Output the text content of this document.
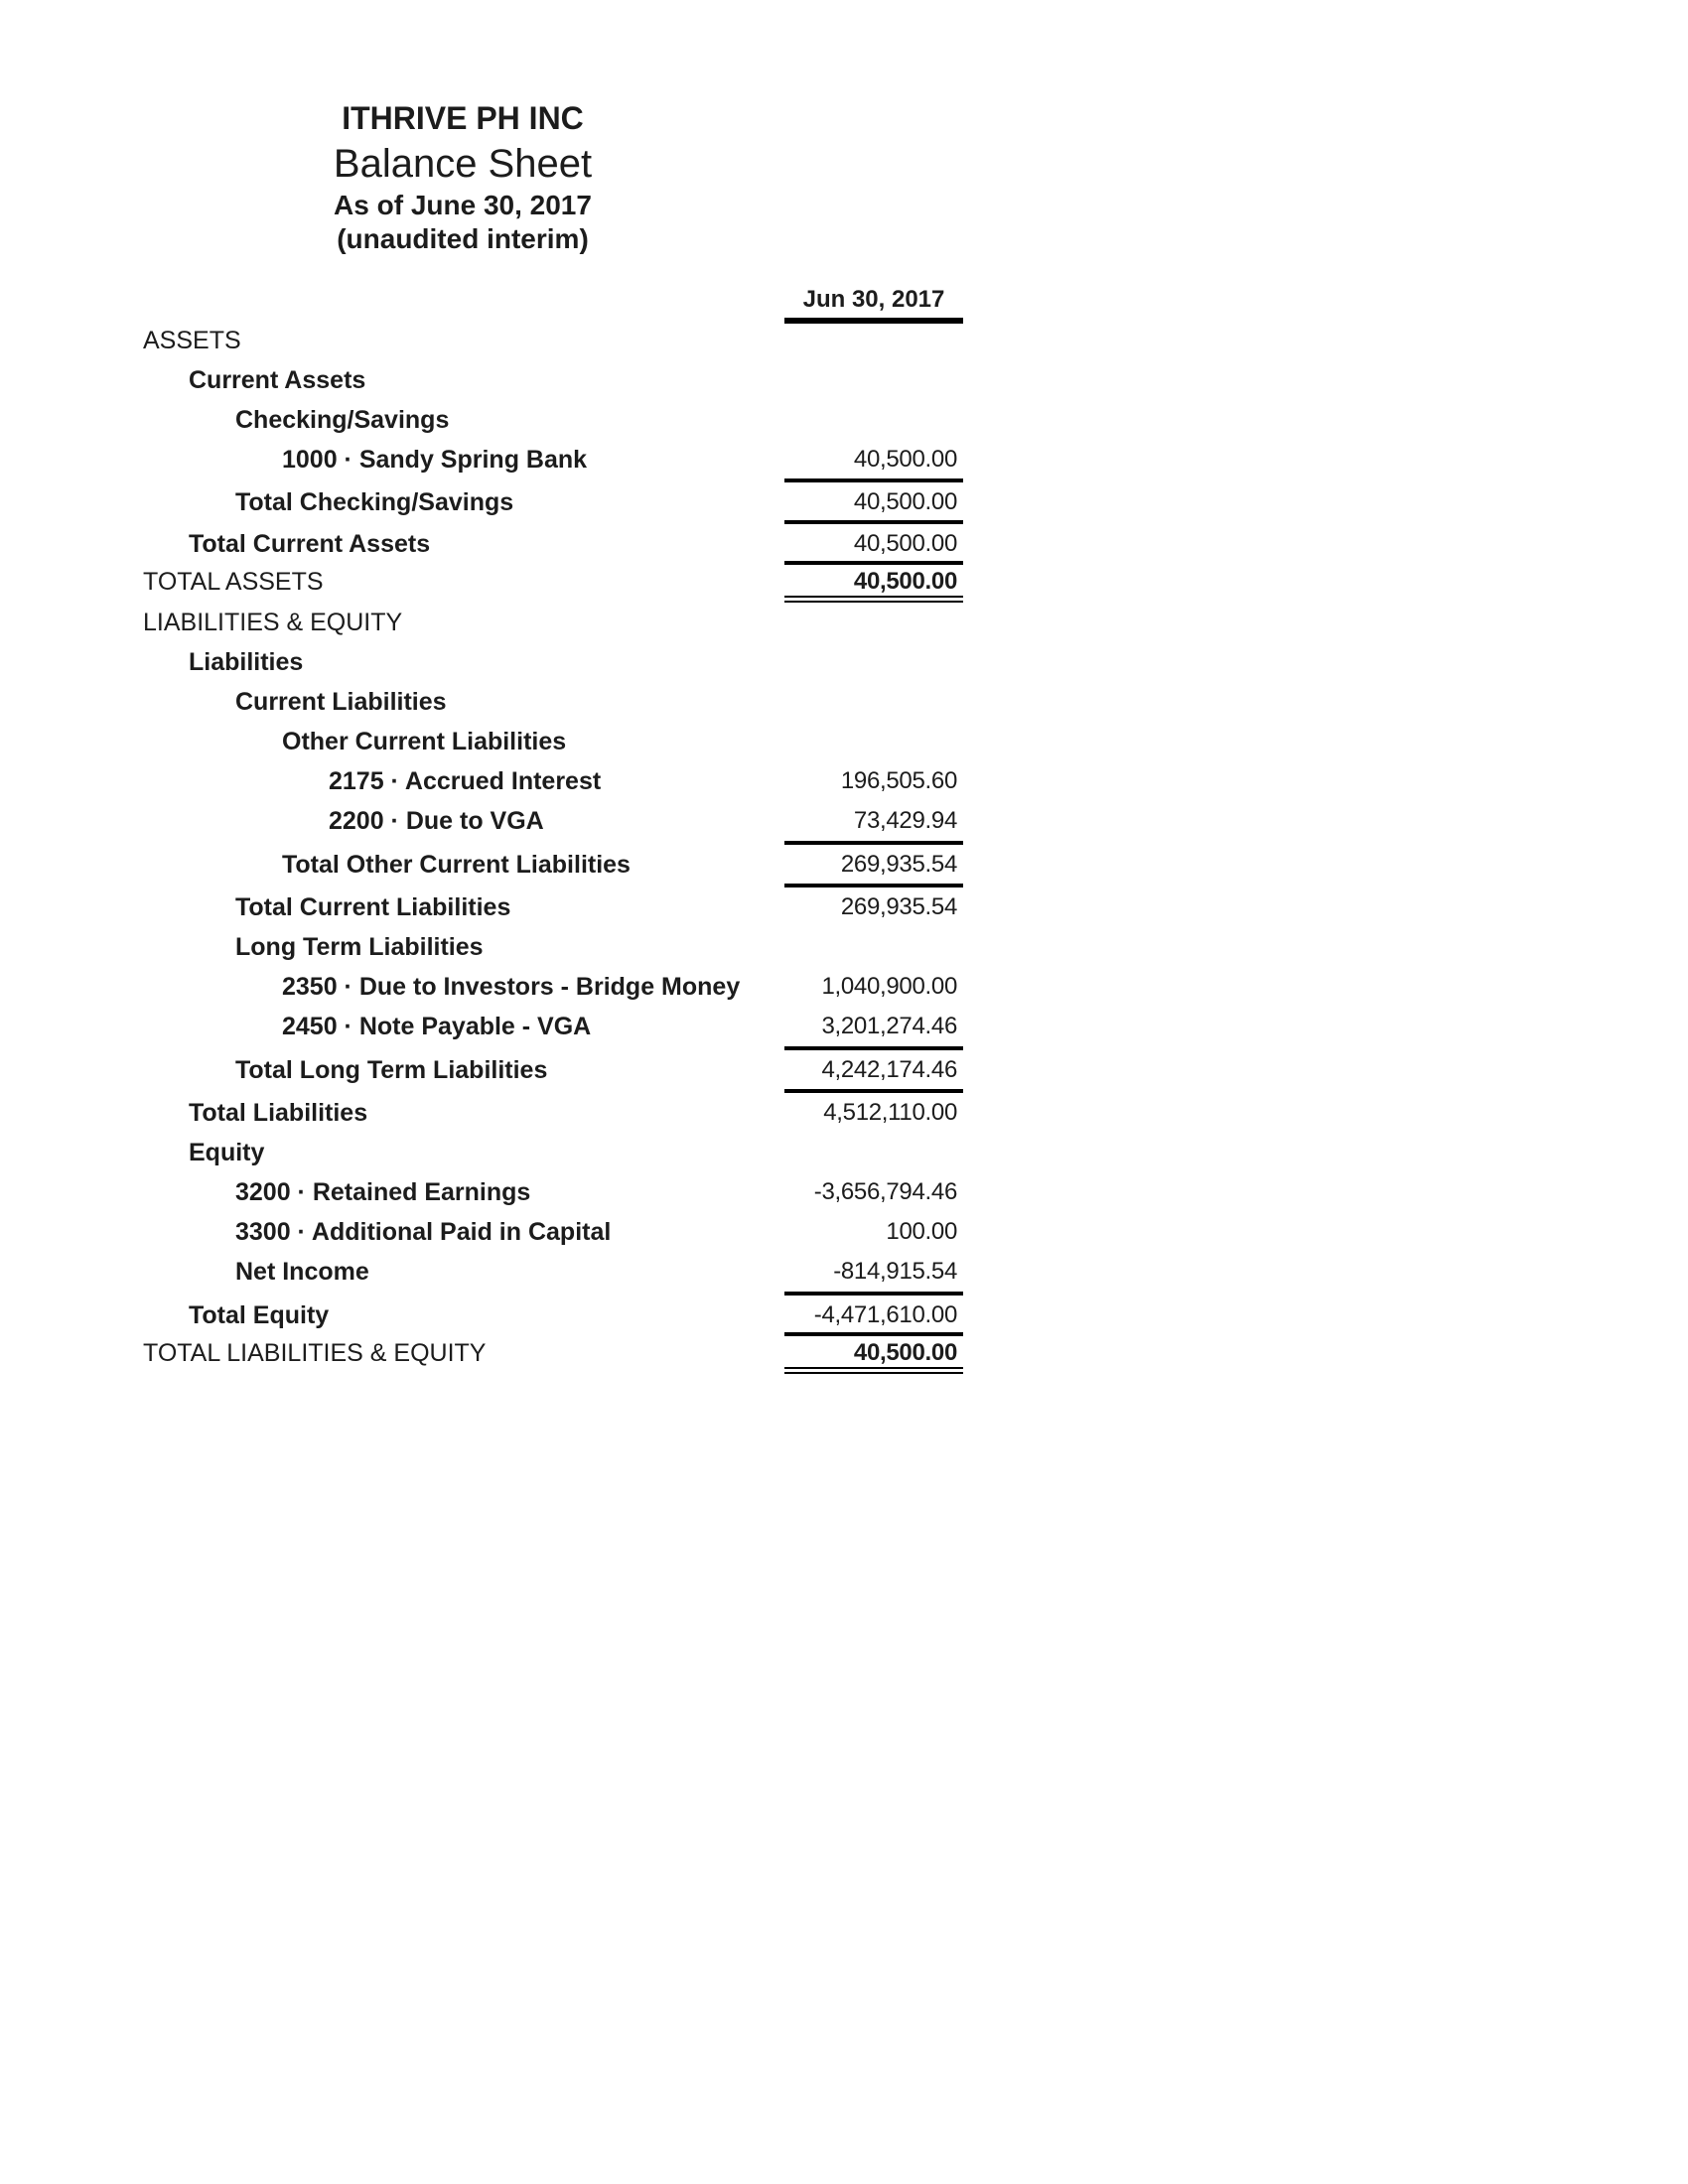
ITHRIVE PH INC
Balance Sheet
As of June 30, 2017
(unaudited interim)
Jun 30, 2017
ASSETS
Current Assets
Checking/Savings
1000 · Sandy Spring Bank	40,500.00
Total Checking/Savings	40,500.00
Total Current Assets	40,500.00
TOTAL ASSETS	40,500.00
LIABILITIES & EQUITY
Liabilities
Current Liabilities
Other Current Liabilities
2175 · Accrued Interest	196,505.60
2200 · Due to VGA	73,429.94
Total Other Current Liabilities	269,935.54
Total Current Liabilities	269,935.54
Long Term Liabilities
2350 · Due to Investors - Bridge Money	1,040,900.00
2450 · Note Payable - VGA	3,201,274.46
Total Long Term Liabilities	4,242,174.46
Total Liabilities	4,512,110.00
Equity
3200 · Retained Earnings	-3,656,794.46
3300 · Additional Paid in Capital	100.00
Net Income	-814,915.54
Total Equity	-4,471,610.00
TOTAL LIABILITIES & EQUITY	40,500.00
